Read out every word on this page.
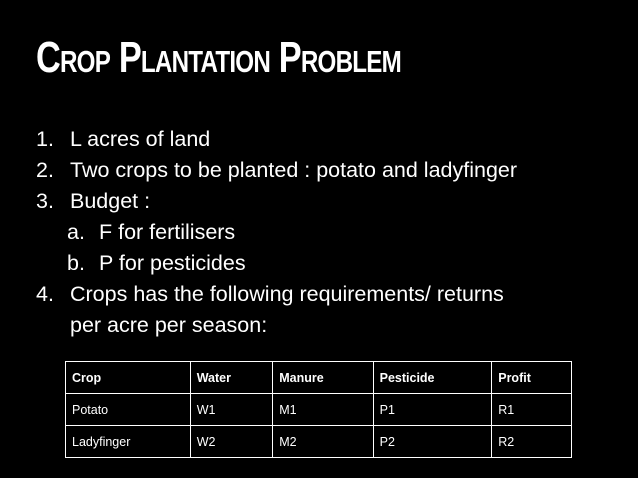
Crop Plantation Problem
1. L acres of land
2. Two crops to be planted : potato and ladyfinger
3. Budget :
a. F for fertilisers
b. P for pesticides
4. Crops has the following requirements/ returns
per acre per season:
Crop	Water	Manure	Pesticide	Profit
Potato	W1	M1	P1	R1
Ladyfinger	W2	M2	P2	R2
